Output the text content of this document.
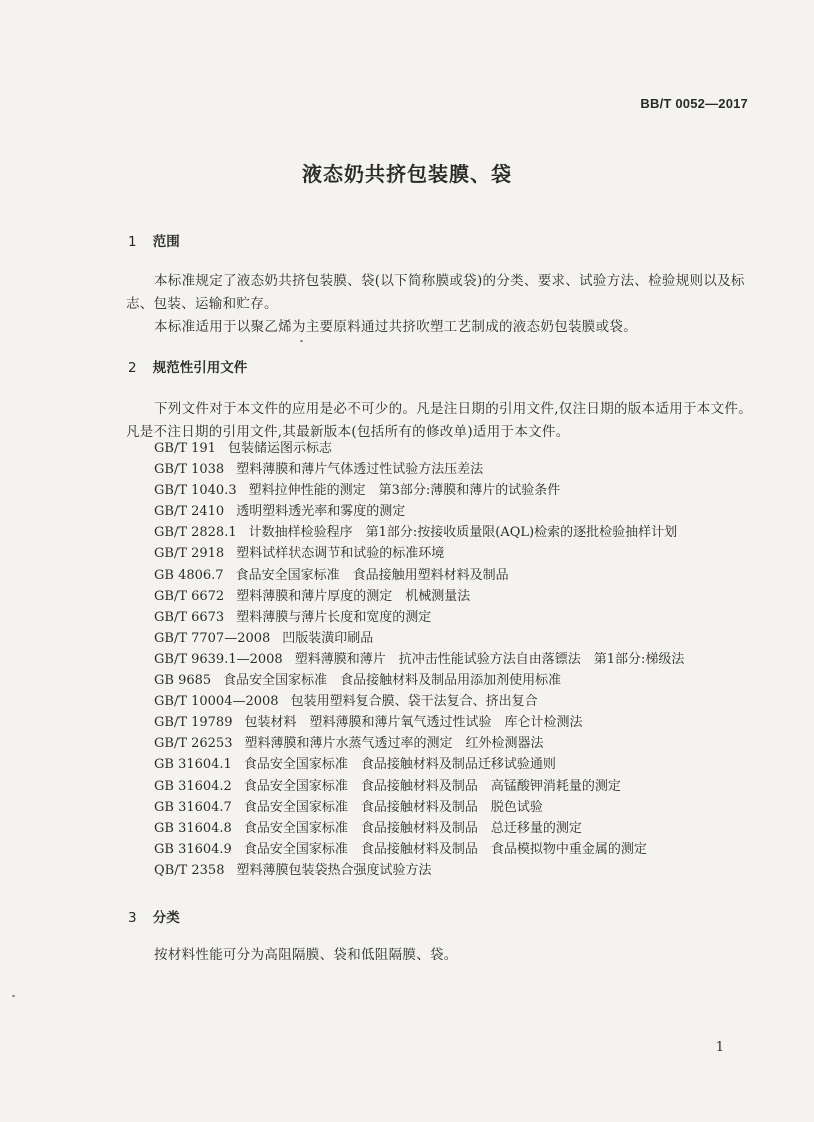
BB/T 0052—2017
液态奶共挤包装膜、袋
1 范围

本标准规定了液态奶共挤包装膜、袋(以下简称膜或袋)的分类、要求、试验方法、检验规则以及标志、包装、运输和贮存。

本标准适用于以聚乙烯为主要原料通过共挤吹塑工艺制成的液态奶包装膜或袋。

2 规范性引用文件

下列文件对于本文件的应用是必不可少的。凡是注日期的引用文件,仅注日期的版本适用于本文件。凡是不注日期的引用文件,其最新版本(包括所有的修改单)适用于本文件。

GB/T 191 包装储运图示标志
GB/T 1038 塑料薄膜和薄片气体透过性试验方法压差法
GB/T 1040.3 塑料拉伸性能的测定　第3部分:薄膜和薄片的试验条件
GB/T 2410 透明塑料透光率和雾度的测定
GB/T 2828.1 计数抽样检验程序　第1部分:按接收质量限(AQL)检索的逐批检验抽样计划
GB/T 2918 塑料试样状态调节和试验的标准环境
GB 4806.7 食品安全国家标准　食品接触用塑料材料及制品
GB/T 6672 塑料薄膜和薄片厚度的测定　机械测量法
GB/T 6673 塑料薄膜与薄片长度和宽度的测定
GB/T 7707—2008 凹版装潢印刷品
GB/T 9639.1—2008 塑料薄膜和薄片　抗冲击性能试验方法自由落镖法　第1部分:梯级法
GB 9685 食品安全国家标准　食品接触材料及制品用添加剂使用标准
GB/T 10004—2008 包装用塑料复合膜、袋干法复合、挤出复合
GB/T 19789 包装材料　塑料薄膜和薄片氧气透过性试验　库仑计检测法
GB/T 26253 塑料薄膜和薄片水蒸气透过率的测定　红外检测器法
GB 31604.1 食品安全国家标准　食品接触材料及制品迁移试验通则
GB 31604.2 食品安全国家标准　食品接触材料及制品　高锰酸钾消耗量的测定
GB 31604.7 食品安全国家标准　食品接触材料及制品　脱色试验
GB 31604.8 食品安全国家标准　食品接触材料及制品　总迁移量的测定
GB 31604.9 食品安全国家标准　食品接触材料及制品　食品模拟物中重金属的测定
QB/T 2358 塑料薄膜包装袋热合强度试验方法
3 分类

按材料性能可分为高阻隔膜、袋和低阻隔膜、袋。

1
